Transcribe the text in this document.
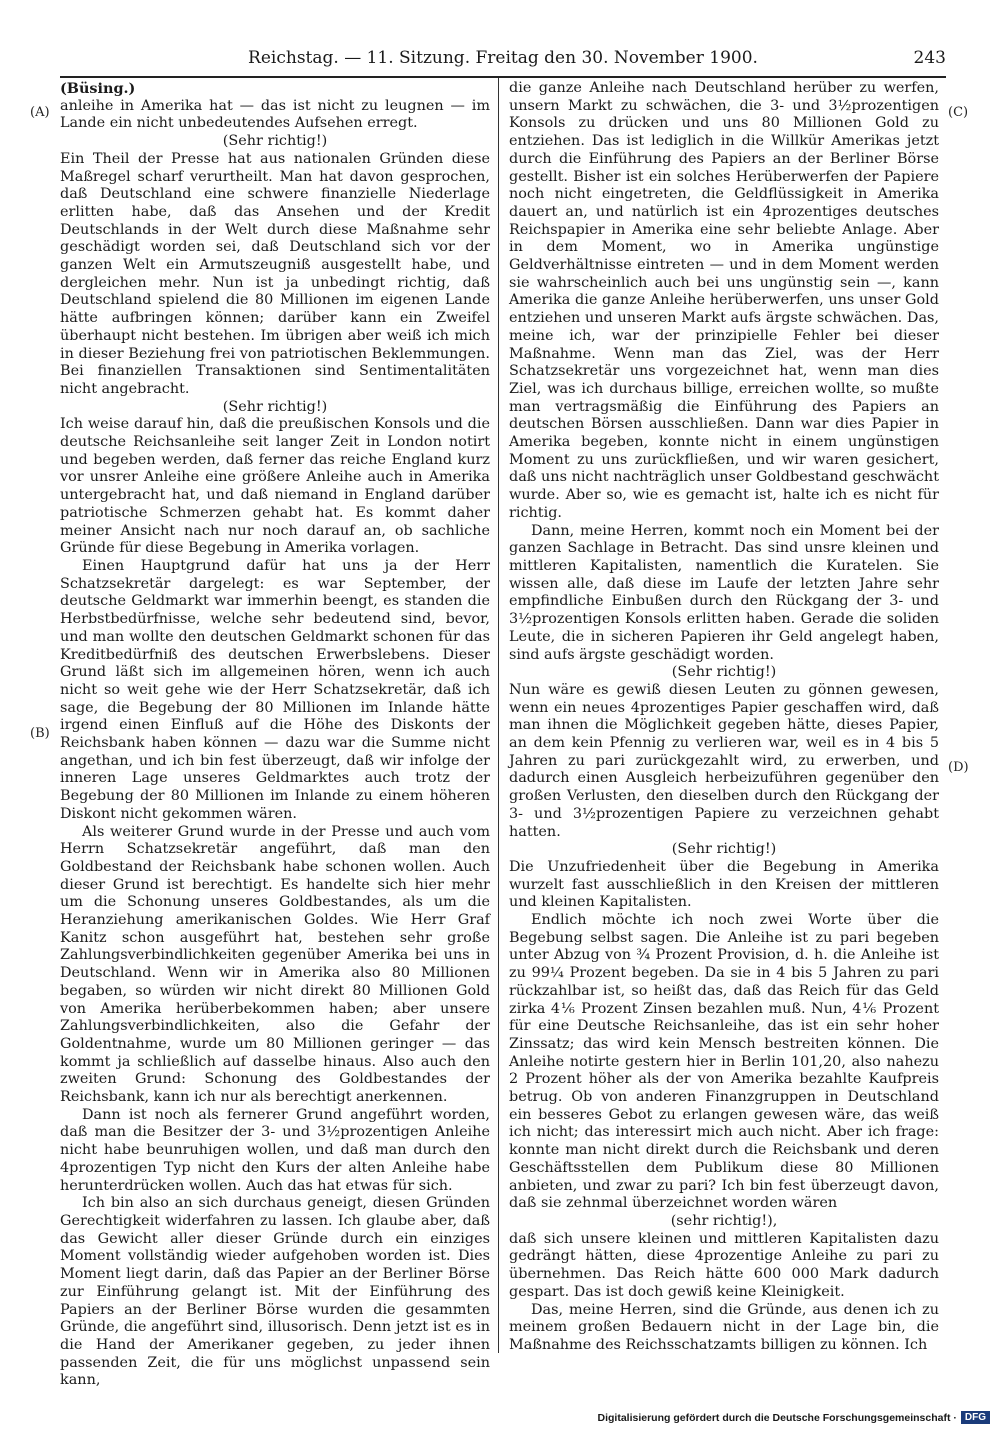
Reichstag. — 11. Sitzung. Freitag den 30. November 1900.	243
(A)
(B)
(C)
(D)

(Büsing.)

anleihe in Amerika hat — das ist nicht zu leugnen — im Lande ein nicht unbedeutendes Aufsehen erregt.

(Sehr richtig!)

Ein Theil der Presse hat aus nationalen Gründen diese Maßregel scharf verurtheilt. Man hat davon gesprochen, daß Deutschland eine schwere finanzielle Niederlage erlitten habe, daß das Ansehen und der Kredit Deutschlands in der Welt durch diese Maßnahme sehr geschädigt worden sei, daß Deutschland sich vor der ganzen Welt ein Armutszeugniß ausgestellt habe, und dergleichen mehr. Nun ist ja unbedingt richtig, daß Deutschland spielend die 80 Millionen im eigenen Lande hätte aufbringen können; darüber kann ein Zweifel überhaupt nicht bestehen. Im übrigen aber weiß ich mich in dieser Beziehung frei von patriotischen Beklemmungen. Bei finanziellen Transaktionen sind Sentimentalitäten nicht angebracht.

(Sehr richtig!)

Ich weise darauf hin, daß die preußischen Konsols und die deutsche Reichsanleihe seit langer Zeit in London notirt und begeben werden, daß ferner das reiche England kurz vor unsrer Anleihe eine größere Anleihe auch in Amerika untergebracht hat, und daß niemand in England darüber patriotische Schmerzen gehabt hat. Es kommt daher meiner Ansicht nach nur noch darauf an, ob sachliche Gründe für diese Begebung in Amerika vorlagen.

Einen Hauptgrund dafür hat uns ja der Herr Schatzsekretär dargelegt: es war September, der deutsche Geldmarkt war immerhin beengt, es standen die Herbstbedürfnisse, welche sehr bedeutend sind, bevor, und man wollte den deutschen Geldmarkt schonen für das Kreditbedürfniß des deutschen Erwerbslebens. Dieser Grund läßt sich im allgemeinen hören, wenn ich auch nicht so weit gehe wie der Herr Schatzsekretär, daß ich sage, die Begebung der 80 Millionen im Inlande hätte irgend einen Einfluß auf die Höhe des Diskonts der Reichsbank haben können — dazu war die Summe nicht angethan, und ich bin fest überzeugt, daß wir infolge der inneren Lage unseres Geldmarktes auch trotz der Begebung der 80 Millionen im Inlande zu einem höheren Diskont nicht gekommen wären.

Als weiterer Grund wurde in der Presse und auch vom Herrn Schatzsekretär angeführt, daß man den Goldbestand der Reichsbank habe schonen wollen. Auch dieser Grund ist berechtigt. Es handelte sich hier mehr um die Schonung unseres Goldbestandes, als um die Heranziehung amerikanischen Goldes. Wie Herr Graf Kanitz schon ausgeführt hat, bestehen sehr große Zahlungsverbindlichkeiten gegenüber Amerika bei uns in Deutschland. Wenn wir in Amerika also 80 Millionen begaben, so würden wir nicht direkt 80 Millionen Gold von Amerika herüberbekommen haben; aber unsere Zahlungsverbindlichkeiten, also die Gefahr der Goldentnahme, wurde um 80 Millionen geringer — das kommt ja schließlich auf dasselbe hinaus. Also auch den zweiten Grund: Schonung des Goldbestandes der Reichsbank, kann ich nur als berechtigt anerkennen.

Dann ist noch als fernerer Grund angeführt worden, daß man die Besitzer der 3- und 3½prozentigen Anleihe nicht habe beunruhigen wollen, und daß man durch den 4prozentigen Typ nicht den Kurs der alten Anleihe habe herunterdrücken wollen. Auch das hat etwas für sich.

Ich bin also an sich durchaus geneigt, diesen Gründen Gerechtigkeit widerfahren zu lassen. Ich glaube aber, daß das Gewicht aller dieser Gründe durch ein einziges Moment vollständig wieder aufgehoben worden ist. Dies Moment liegt darin, daß das Papier an der Berliner Börse zur Einführung gelangt ist. Mit der Einführung des Papiers an der Berliner Börse wurden die gesammten Gründe, die angeführt sind, illusorisch. Denn jetzt ist es in die Hand der Amerikaner gegeben, zu jeder ihnen passenden Zeit, die für uns möglichst unpassend sein kann,

die ganze Anleihe nach Deutschland herüber zu werfen, unsern Markt zu schwächen, die 3- und 3½prozentigen Konsols zu drücken und uns 80 Millionen Gold zu entziehen. Das ist lediglich in die Willkür Amerikas jetzt durch die Einführung des Papiers an der Berliner Börse gestellt. Bisher ist ein solches Herüberwerfen der Papiere noch nicht eingetreten, die Geldflüssigkeit in Amerika dauert an, und natürlich ist ein 4prozentiges deutsches Reichspapier in Amerika eine sehr beliebte Anlage. Aber in dem Moment, wo in Amerika ungünstige Geldverhältnisse eintreten — und in dem Moment werden sie wahrscheinlich auch bei uns ungünstig sein —, kann Amerika die ganze Anleihe herüberwerfen, uns unser Gold entziehen und unseren Markt aufs ärgste schwächen. Das, meine ich, war der prinzipielle Fehler bei dieser Maßnahme. Wenn man das Ziel, was der Herr Schatzsekretär uns vorgezeichnet hat, wenn man dies Ziel, was ich durchaus billige, erreichen wollte, so mußte man vertragsmäßig die Einführung des Papiers an deutschen Börsen ausschließen. Dann war dies Papier in Amerika begeben, konnte nicht in einem ungünstigen Moment zu uns zurückfließen, und wir waren gesichert, daß uns nicht nachträglich unser Goldbestand geschwächt wurde. Aber so, wie es gemacht ist, halte ich es nicht für richtig.

Dann, meine Herren, kommt noch ein Moment bei der ganzen Sachlage in Betracht. Das sind unsre kleinen und mittleren Kapitalisten, namentlich die Kuratelen. Sie wissen alle, daß diese im Laufe der letzten Jahre sehr empfindliche Einbußen durch den Rückgang der 3- und 3½prozentigen Konsols erlitten haben. Gerade die soliden Leute, die in sicheren Papieren ihr Geld angelegt haben, sind aufs ärgste geschädigt worden.

(Sehr richtig!)

Nun wäre es gewiß diesen Leuten zu gönnen gewesen, wenn ein neues 4prozentiges Papier geschaffen wird, daß man ihnen die Möglichkeit gegeben hätte, dieses Papier, an dem kein Pfennig zu verlieren war, weil es in 4 bis 5 Jahren zu pari zurückgezahlt wird, zu erwerben, und dadurch einen Ausgleich herbeizuführen gegenüber den großen Verlusten, den dieselben durch den Rückgang der 3- und 3½prozentigen Papiere zu verzeichnen gehabt hatten.

(Sehr richtig!)

Die Unzufriedenheit über die Begebung in Amerika wurzelt fast ausschließlich in den Kreisen der mittleren und kleinen Kapitalisten.

Endlich möchte ich noch zwei Worte über die Begebung selbst sagen. Die Anleihe ist zu pari begeben unter Abzug von ¾ Prozent Provision, d. h. die Anleihe ist zu 99¼ Prozent begeben. Da sie in 4 bis 5 Jahren zu pari rückzahlbar ist, so heißt das, daß das Reich für das Geld zirka 4⅙ Prozent Zinsen bezahlen muß. Nun, 4⅙ Prozent für eine Deutsche Reichsanleihe, das ist ein sehr hoher Zinssatz; das wird kein Mensch bestreiten können. Die Anleihe notirte gestern hier in Berlin 101,20, also nahezu 2 Prozent höher als der von Amerika bezahlte Kaufpreis betrug. Ob von anderen Finanzgruppen in Deutschland ein besseres Gebot zu erlangen gewesen wäre, das weiß ich nicht; das interessirt mich auch nicht. Aber ich frage: konnte man nicht direkt durch die Reichsbank und deren Geschäftsstellen dem Publikum diese 80 Millionen anbieten, und zwar zu pari? Ich bin fest überzeugt davon, daß sie zehnmal überzeichnet worden wären

(sehr richtig!),

daß sich unsere kleinen und mittleren Kapitalisten dazu gedrängt hätten, diese 4prozentige Anleihe zu pari zu übernehmen. Das Reich hätte 600 000 Mark dadurch gespart. Das ist doch gewiß keine Kleinigkeit.

Das, meine Herren, sind die Gründe, aus denen ich zu meinem großen Bedauern nicht in der Lage bin, die Maßnahme des Reichsschatzamts billigen zu können. Ich

Digitalisierung gefördert durch die Deutsche Forschungsgemeinschaft · DFG
